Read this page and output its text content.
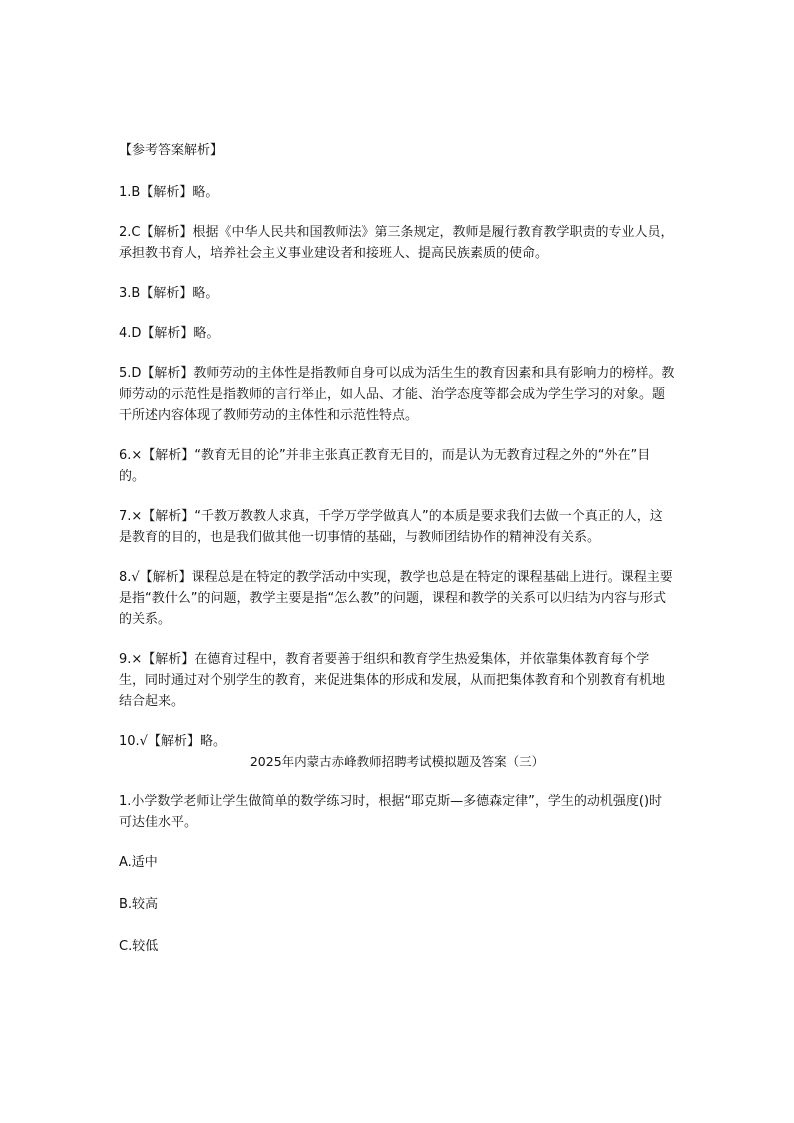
【参考答案解析】

1.B【解析】略。

2.C【解析】根据《中华人民共和国教师法》第三条规定，教师是履行教育教学职责的专业人员，承担教书育人，培养社会主义事业建设者和接班人、提高民族素质的使命。

3.B【解析】略。

4.D【解析】略。

5.D【解析】教师劳动的主体性是指教师自身可以成为活生生的教育因素和具有影响力的榜样。教师劳动的示范性是指教师的言行举止，如人品、才能、治学态度等都会成为学生学习的对象。题干所述内容体现了教师劳动的主体性和示范性特点。

6.×【解析】“教育无目的论”并非主张真正教育无目的，而是认为无教育过程之外的“外在”目的。

7.×【解析】“千教万教教人求真，千学万学学做真人”的本质是要求我们去做一个真正的人，这是教育的目的，也是我们做其他一切事情的基础，与教师团结协作的精神没有关系。

8.√【解析】课程总是在特定的教学活动中实现，教学也总是在特定的课程基础上进行。课程主要是指“教什么”的问题，教学主要是指“怎么教”的问题，课程和教学的关系可以归结为内容与形式的关系。

9.×【解析】在德育过程中，教育者要善于组织和教育学生热爱集体，并依靠集体教育每个学生，同时通过对个别学生的教育，来促进集体的形成和发展，从而把集体教育和个别教育有机地结合起来。

10.√【解析】略。

2025年内蒙古赤峰教师招聘考试模拟题及答案（三）

1.小学数学老师让学生做简单的数学练习时，根据“耶克斯—多德森定律”，学生的动机强度()时可达佳水平。

A.适中

B.较高

C.较低
